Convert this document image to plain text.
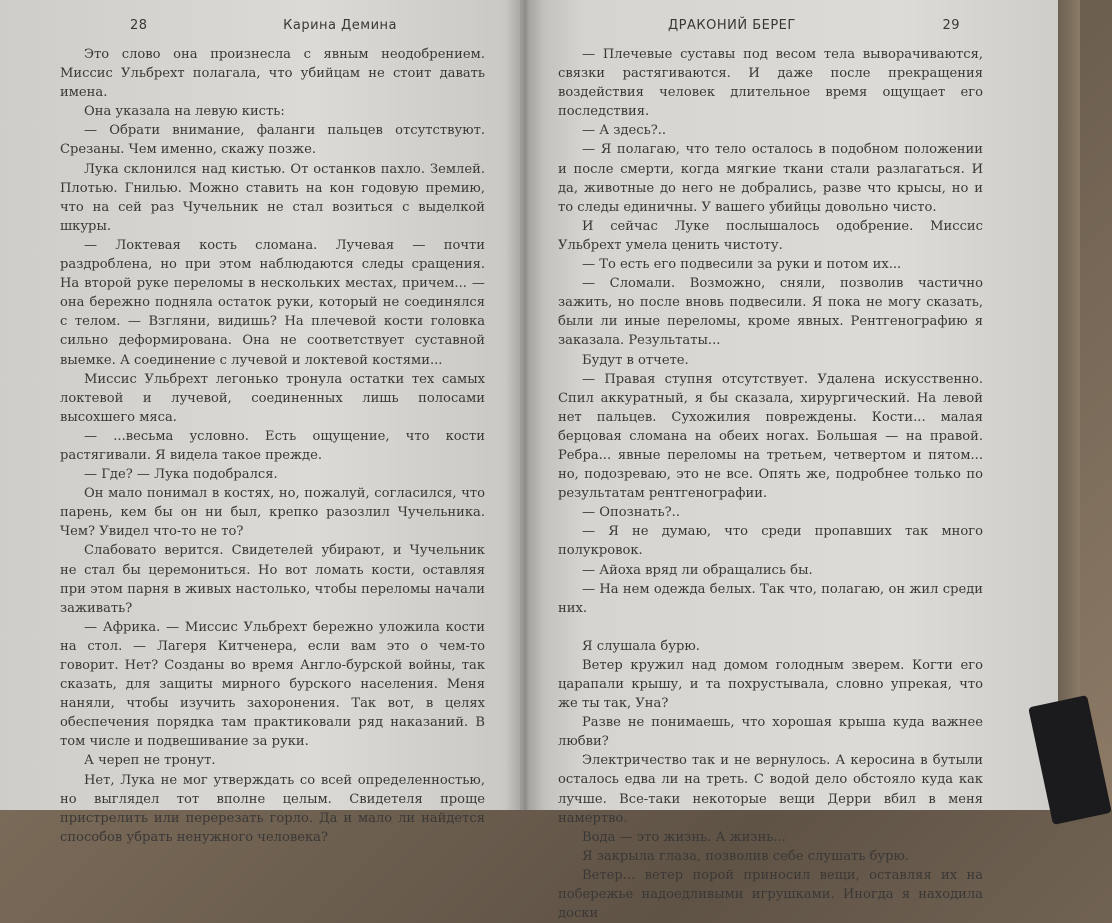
28	Карина Демина

Это слово она произнесла с явным неодобрением. Миссис Ульбрехт полагала, что убийцам не стоит давать имена.

Она указала на левую кисть:

— Обрати внимание, фаланги пальцев отсутствуют. Срезаны. Чем именно, скажу позже.

Лука склонился над кистью. От останков пахло. Землей. Плотью. Гнилью. Можно ставить на кон годовую премию, что на сей раз Чучельник не стал возиться с выделкой шкуры.

— Локтевая кость сломана. Лучевая — почти раздроблена, но при этом наблюдаются следы сращения. На второй руке переломы в нескольких местах, причем... — она бережно подняла остаток руки, который не соединялся с телом. — Взгляни, видишь? На плечевой кости головка сильно деформирована. Она не соответствует суставной выемке. А соединение с лучевой и локтевой костями...

Миссис Ульбрехт легонько тронула остатки тех самых локтевой и лучевой, соединенных лишь полосами высохшего мяса.

— ...весьма условно. Есть ощущение, что кости растягивали. Я видела такое прежде.

— Где? — Лука подобрался.

Он мало понимал в костях, но, пожалуй, согласился, что парень, кем бы он ни был, крепко разозлил Чучельника. Чем? Увидел что-то не то?

Слабовато верится. Свидетелей убирают, и Чучельник не стал бы церемониться. Но вот ломать кости, оставляя при этом парня в живых настолько, чтобы переломы начали заживать?

— Африка. — Миссис Ульбрехт бережно уложила кости на стол. — Лагеря Китченера, если вам это о чем-то говорит. Нет? Созданы во время Англо-бурской войны, так сказать, для защиты мирного бурского населения. Меня наняли, чтобы изучить захоронения. Так вот, в целях обеспечения порядка там практиковали ряд наказаний. В том числе и подвешивание за руки.

А череп не тронут.

Нет, Лука не мог утверждать со всей определенностью, но выглядел тот вполне целым. Свидетеля проще пристрелить или перерезать горло. Да и мало ли найдется способов убрать ненужного человека?

ДРАКОНИЙ БЕРЕГ	29

— Плечевые суставы под весом тела выворачиваются, связки растягиваются. И даже после прекращения воздействия человек длительное время ощущает его последствия.

— А здесь?..

— Я полагаю, что тело осталось в подобном положении и после смерти, когда мягкие ткани стали разлагаться. И да, животные до него не добрались, разве что крысы, но и то следы единичны. У вашего убийцы довольно чисто.

И сейчас Луке послышалось одобрение. Миссис Ульбрехт умела ценить чистоту.

— То есть его подвесили за руки и потом их...

— Сломали. Возможно, сняли, позволив частично зажить, но после вновь подвесили. Я пока не могу сказать, были ли иные переломы, кроме явных. Рентгенографию я заказала. Результаты...

Будут в отчете.

— Правая ступня отсутствует. Удалена искусственно. Спил аккуратный, я бы сказала, хирургический. На левой нет пальцев. Сухожилия повреждены. Кости... малая берцовая сломана на обеих ногах. Большая — на правой. Ребра... явные переломы на третьем, четвертом и пятом... но, подозреваю, это не все. Опять же, подробнее только по результатам рентгенографии.

— Опознать?..

— Я не думаю, что среди пропавших так много полукровок.

— Айоха вряд ли обращались бы.

— На нем одежда белых. Так что, полагаю, он жил среди них.

Я слушала бурю.

Ветер кружил над домом голодным зверем. Когти его царапали крышу, и та похрустывала, словно упрекая, что же ты так, Уна?

Разве не понимаешь, что хорошая крыша куда важнее любви?

Электричество так и не вернулось. А керосина в бутыли осталось едва ли на треть. С водой дело обстояло куда как лучше. Все-таки некоторые вещи Дерри вбил в меня намертво.

Вода — это жизнь. А жизнь...

Я закрыла глаза, позволив себе слушать бурю.

Ветер... ветер порой приносил вещи, оставляя их на побережье надоедливыми игрушками. Иногда я находила доски
